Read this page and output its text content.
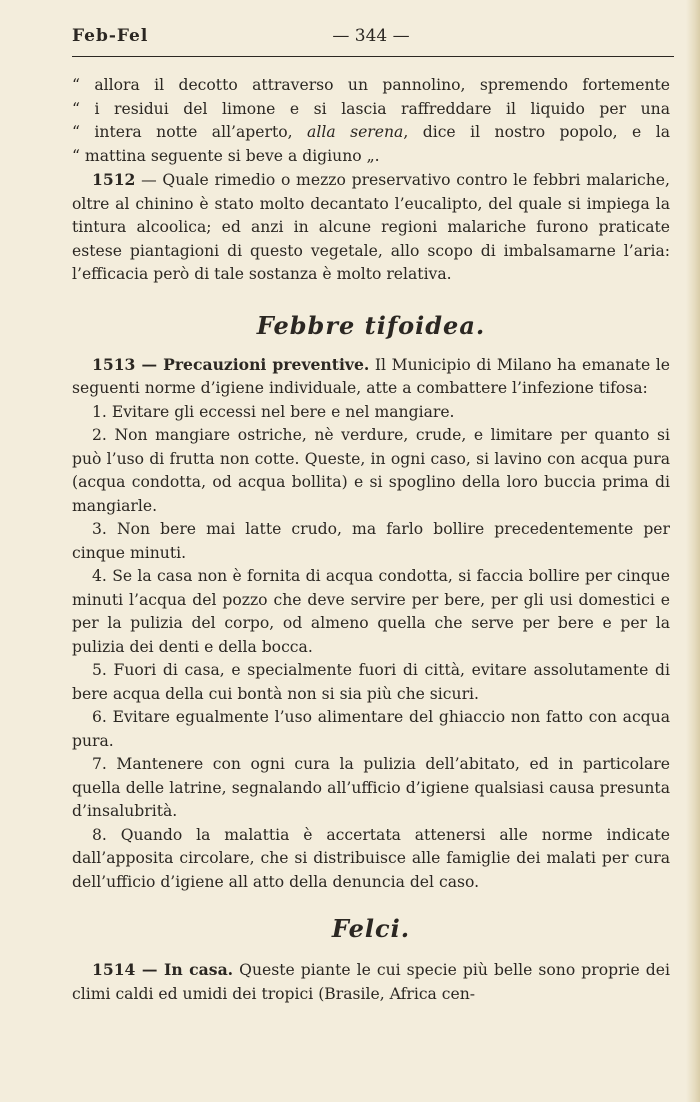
Feb-Fel	— 344 —

“ allora il decotto attraverso un pannolino, spremendo fortemente

“ i residui del limone e si lascia raffreddare il liquido per una

“ intera notte all’aperto, alla serena, dice il nostro popolo, e la

“ mattina seguente si beve a digiuno „.

1512 — Quale rimedio o mezzo preservativo contro le febbri malariche, oltre al chinino è stato molto decantato l’eucalipto, del quale si impiega la tintura alcoolica; ed anzi in alcune regioni malariche furono praticate estese piantagioni di questo vegetale, allo scopo di imbalsamarne l’aria: l’efficacia però di tale sostanza è molto relativa.

Febbre tifoidea.

1513 — Precauzioni preventive. Il Municipio di Milano ha emanate le seguenti norme d’igiene individuale, atte a combattere l’infezione tifosa:

1. Evitare gli eccessi nel bere e nel mangiare.

2. Non mangiare ostriche, nè verdure, crude, e limitare per quanto si può l’uso di frutta non cotte. Queste, in ogni caso, si lavino con acqua pura (acqua condotta, od acqua bollita) e si spoglino della loro buccia prima di mangiarle.

3. Non bere mai latte crudo, ma farlo bollire precedentemente per cinque minuti.

4. Se la casa non è fornita di acqua condotta, si faccia bollire per cinque minuti l’acqua del pozzo che deve servire per bere, per gli usi domestici e per la pulizia del corpo, od almeno quella che serve per bere e per la pulizia dei denti e della bocca.

5. Fuori di casa, e specialmente fuori di città, evitare assolutamente di bere acqua della cui bontà non si sia più che sicuri.

6. Evitare egualmente l’uso alimentare del ghiaccio non fatto con acqua pura.

7. Mantenere con ogni cura la pulizia dell’abitato, ed in particolare quella delle latrine, segnalando all’ufficio d’igiene qualsiasi causa presunta d’insalubrità.

8. Quando la malattia è accertata attenersi alle norme indicate dall’apposita circolare, che si distribuisce alle famiglie dei malati per cura dell’ufficio d’igiene all atto della denuncia del caso.

Felci.

1514 — In casa. Queste piante le cui specie più belle sono proprie dei climi caldi ed umidi dei tropici (Brasile, Africa cen-
